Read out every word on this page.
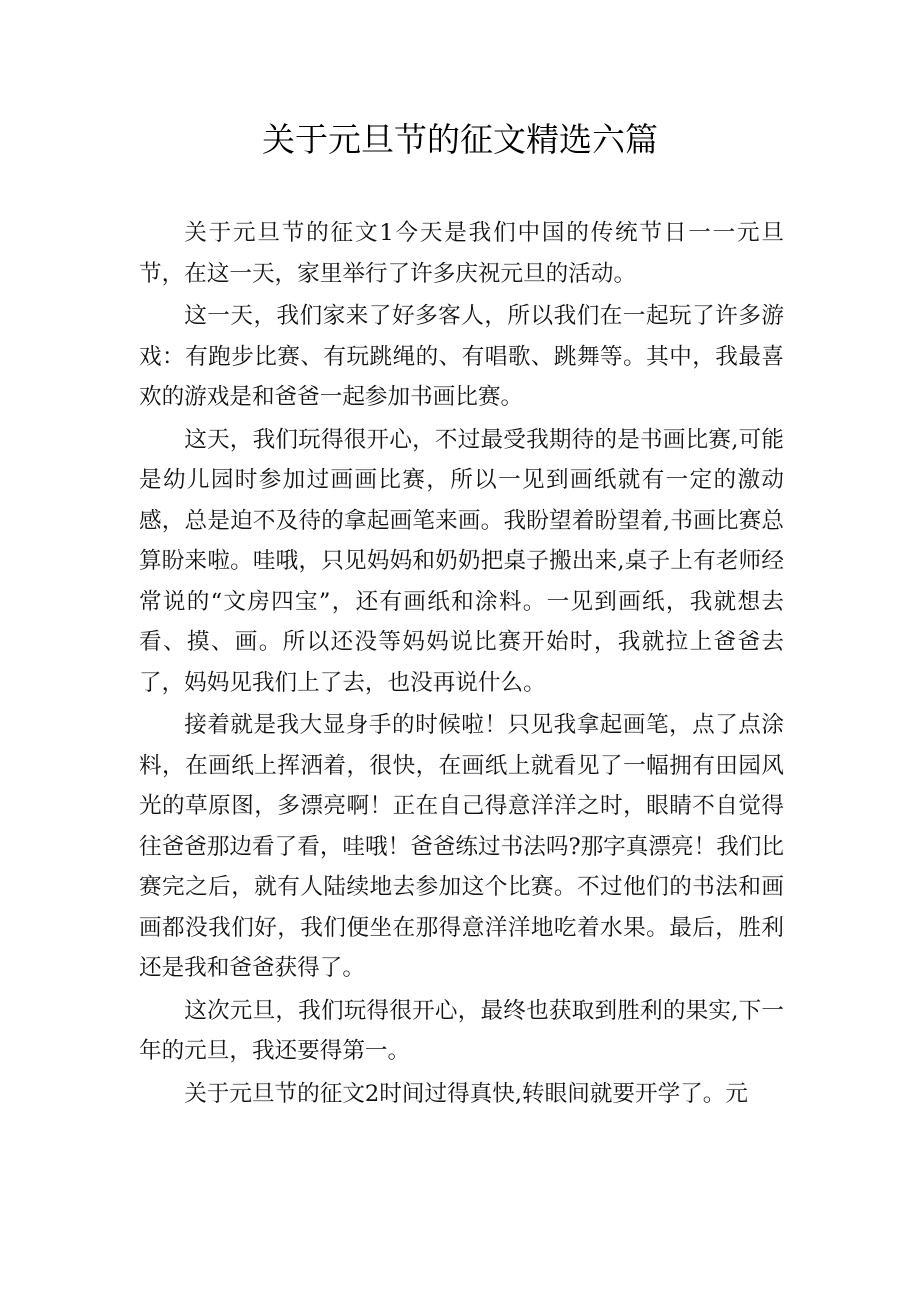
关于元旦节的征文精选六篇

关于元旦节的征文1今天是我们中国的传统节日一一元旦节，在这一天，家里举行了许多庆祝元旦的活动。

这一天，我们家来了好多客人，所以我们在一起玩了许多游戏：有跑步比赛、有玩跳绳的、有唱歌、跳舞等。其中，我最喜欢的游戏是和爸爸一起参加书画比赛。

这天，我们玩得很开心，不过最受我期待的是书画比赛,可能是幼儿园时参加过画画比赛，所以一见到画纸就有一定的激动感，总是迫不及待的拿起画笔来画。我盼望着盼望着,书画比赛总算盼来啦。哇哦，只见妈妈和奶奶把桌子搬出来,桌子上有老师经常说的“文房四宝”，还有画纸和涂料。一见到画纸，我就想去看、摸、画。所以还没等妈妈说比赛开始时，我就拉上爸爸去了，妈妈见我们上了去，也没再说什么。

接着就是我大显身手的时候啦！只见我拿起画笔，点了点涂料，在画纸上挥洒着，很快，在画纸上就看见了一幅拥有田园风光的草原图，多漂亮啊！正在自己得意洋洋之时，眼睛不自觉得往爸爸那边看了看，哇哦！爸爸练过书法吗?那字真漂亮！我们比赛完之后，就有人陆续地去参加这个比赛。不过他们的书法和画画都没我们好，我们便坐在那得意洋洋地吃着水果。最后，胜利还是我和爸爸获得了。

这次元旦，我们玩得很开心，最终也获取到胜利的果实,下一年的元旦，我还要得第一。

关于元旦节的征文2时间过得真快,转眼间就要开学了。元
